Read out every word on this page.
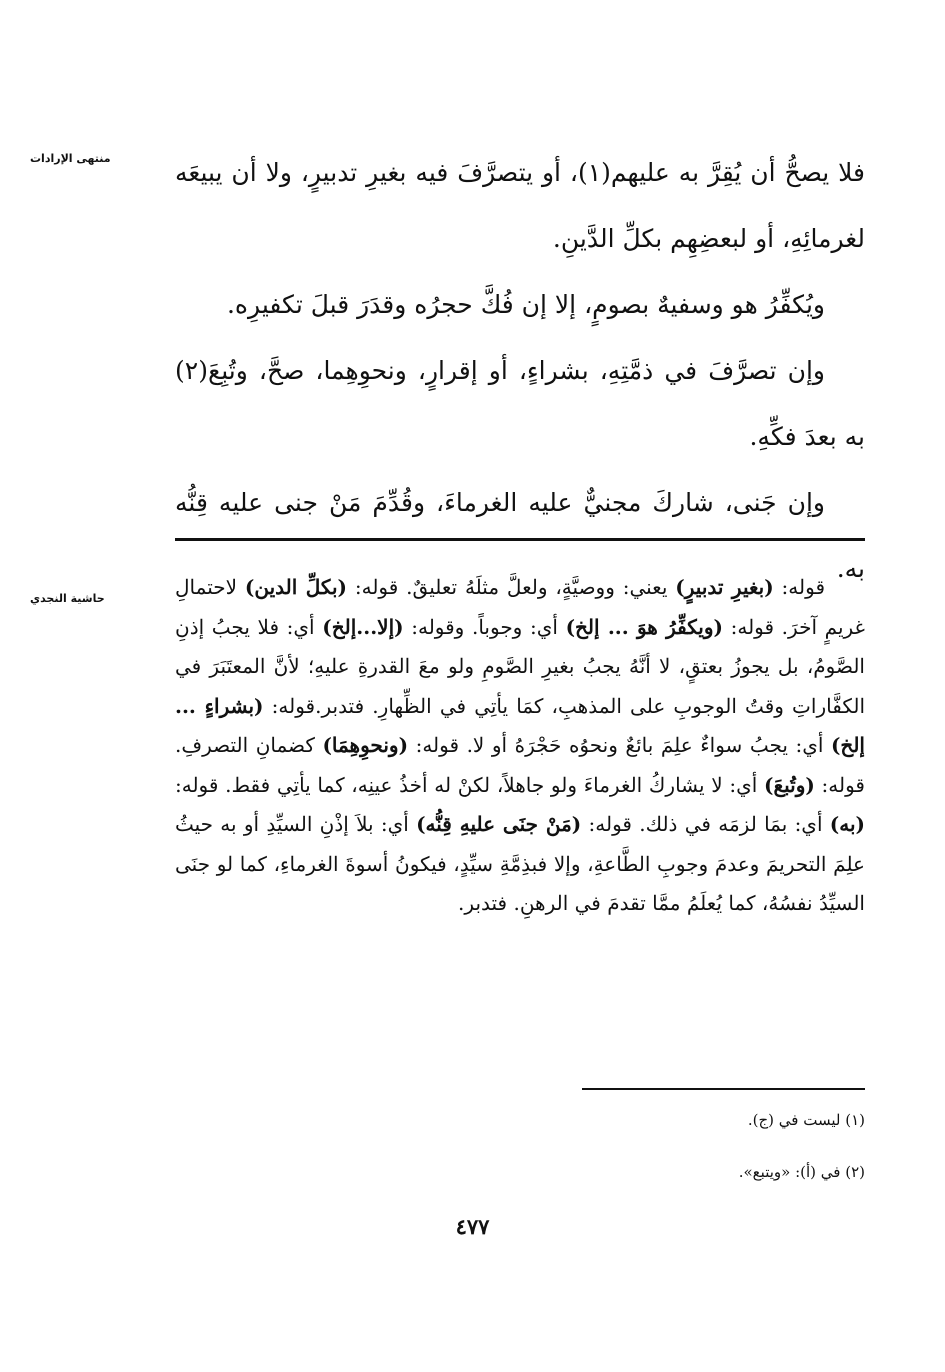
منتهى الإرادات	فلا يصحُّ أن يُقِرَّ به عليهم(١)، أو يتصرَّفَ فيه بغيرِ تدبيرٍ، ولا أن يبيعَه لغرمائِهِ، أو لبعضِهِم بكلِّ الدَّينِ.

ويُكفِّرُ هو وسفيهٌ بصومٍ، إلا إن فُكَّ حجرُه وقدَرَ قبلَ تكفيرِه.

وإن تصرَّفَ في ذمَّتِهِ، بشراءٍ، أو إقرارٍ، ونحوِهِما، صحَّ، وتُبِعَ(٢) به بعدَ فكِّهِ.

وإن جَنى، شاركَ مجنيٌّ عليه الغرماءَ، وقُدِّمَ مَنْ جنى عليه قِنُّه به.

حاشية النجدي	قوله: (بغيرِ تدبيرٍ) يعني: ووصيَّةٍ، ولعلَّ مثلَهُ تعليقٌ. قوله: (بكلِّ الدين) لاحتمالِ غريمٍ آخرَ. قوله: (ويكفِّرُ هوَ ... إلخ) أي: وجوباً. وقوله: (إلا...إلخ) أي: فلا يجبُ إذنِ الصَّومُ، بل يجوزُ بعتقٍ، لا أنَّهُ يجبُ بغيرِ الصَّومِ ولو معَ القدرةِ عليهِ؛ لأنَّ المعتَبَرَ في الكفَّاراتِ وقتُ الوجوبِ على المذهبِ، كمَا يأتِي في الظِّهارِ. فتدبر.قوله: (بشراءٍ ... إلخ) أي: يجبُ سواءٌ علِمَ بائعٌ ونحوُه حَجْرَهُ أو لا. قوله: (ونحوِهِمَا) كضمانِ التصرفِ. قوله: (وتُبعَ) أي: لا يشاركُ الغرماءَ ولو جاهلاً، لكنْ له أخذُ عينِه، كما يأتِي فقط. قوله: (به) أي: بمَا لزمَه في ذلك. قوله: (مَنْ جنَى عليهِ قِنُّه) أي: بلاَ إذْنِ السيِّدِ أو به حيثُ علِمَ التحريمَ وعدمَ وجوبِ الطَّاعةِ، وإلا فبذِمَّةِ سيِّدٍ، فيكونُ أسوةَ الغرماءِ، كما لو جنَى السيِّدُ نفسُهُ، كما يُعلَمُ ممَّا تقدمَ في الرهنِ. فتدبر.

(١) ليست في (ج).

(٢) في (أ): «ويتبع».

٤٧٧
